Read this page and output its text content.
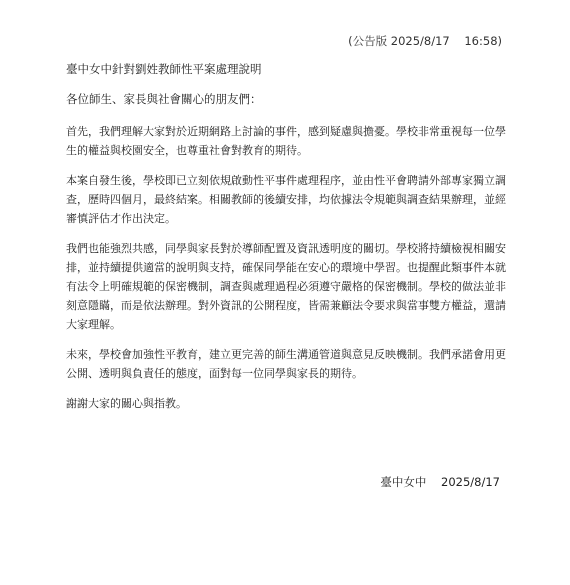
(公告版 2025/8/17    16:58)
臺中女中針對劉姓教師性平案處理說明
各位師生、家長與社會關心的朋友們：

首先，我們理解大家對於近期網路上討論的事件，感到疑慮與擔憂。學校非常重視每一位學生的權益與校園安全，也尊重社會對教育的期待。

本案自發生後，學校即已立刻依規啟動性平事件處理程序，並由性平會聘請外部專家獨立調查，歷時四個月，最終結案。相關教師的後續安排，均依據法令規範與調查結果辦理，並經審慎評估才作出決定。

我們也能強烈共感，同學與家長對於導師配置及資訊透明度的關切。學校將持續檢視相關安排，並持續提供適當的說明與支持，確保同學能在安心的環境中學習。也提醒此類事件本就有法令上明確規範的保密機制，調查與處理過程必須遵守嚴格的保密機制。學校的做法並非刻意隱瞞，而是依法辦理。對外資訊的公開程度，皆需兼顧法令要求與當事雙方權益，還請大家理解。

未來，學校會加強性平教育，建立更完善的師生溝通管道與意見反映機制。我們承諾會用更公開、透明與負責任的態度，面對每一位同學與家長的期待。

謝謝大家的關心與指教。
臺中女中    2025/8/17
